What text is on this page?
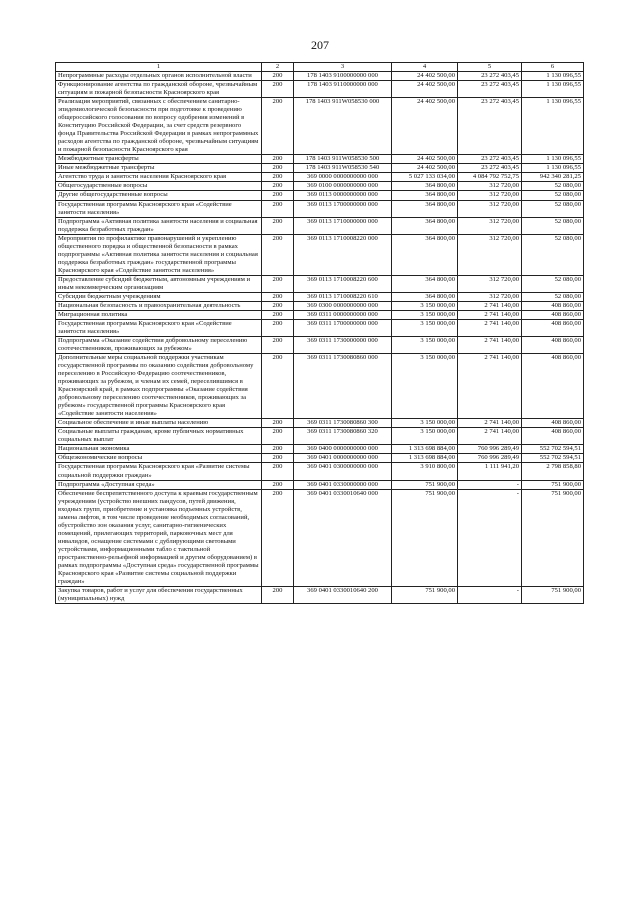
207
1	2	3	4	5	6
Непрограммные расходы отдельных органов исполнительной власти	200	178 1403 9100000000 000	24 402 500,00	23 272 403,45	1 130 096,55
Функционирование агентства по гражданской обороне, чрезвычайным ситуациям и пожарной безопасности Красноярского края	200	178 1403 9110000000 000	24 402 500,00	23 272 403,45	1 130 096,55
Реализация мероприятий, связанных с обеспечением санитарно-эпидемиологической безопасности при подготовке к проведению общероссийского голосования по вопросу одобрения изменений в Конституцию Российской Федерации, за счет средств резервного фонда Правительства Российской Федерации в рамках непрограммных расходов агентства по гражданской обороне, чрезвычайным ситуациям и пожарной безопасности Красноярского края	200	178 1403 911W058530 000	24 402 500,00	23 272 403,45	1 130 096,55
Межбюджетные трансферты	200	178 1403 911W058530 500	24 402 500,00	23 272 403,45	1 130 096,55
Иные межбюджетные трансферты	200	178 1403 911W058530 540	24 402 500,00	23 272 403,45	1 130 096,55
Агентство труда и занятости населения Красноярского края	200	369 0000 0000000000 000	5 027 133 034,00	4 084 792 752,75	942 340 281,25
Общегосударственные вопросы	200	369 0100 0000000000 000	364 800,00	312 720,00	52 080,00
Другие общегосударственные вопросы	200	369 0113 0000000000 000	364 800,00	312 720,00	52 080,00
Государственная программа Красноярского края «Содействие занятости населения»	200	369 0113 1700000000 000	364 800,00	312 720,00	52 080,00
Подпрограмма «Активная политика занятости населения и социальная поддержка безработных граждан»	200	369 0113 1710000000 000	364 800,00	312 720,00	52 080,00
Мероприятия по профилактике правонарушений и укреплению общественного порядка и общественной безопасности в рамках подпрограммы «Активная политика занятости населения и социальная поддержка безработных граждан» государственной программы Красноярского края «Содействие занятости населения»	200	369 0113 1710008220 000	364 800,00	312 720,00	52 080,00
Предоставление субсидий бюджетным, автономным учреждениям и иным некоммерческим организациям	200	369 0113 1710008220 600	364 800,00	312 720,00	52 080,00
Субсидии бюджетным учреждениям	200	369 0113 1710008220 610	364 800,00	312 720,00	52 080,00
Национальная безопасность и правоохранительная деятельность	200	369 0300 0000000000 000	3 150 000,00	2 741 140,00	408 860,00
Миграционная политика	200	369 0311 0000000000 000	3 150 000,00	2 741 140,00	408 860,00
Государственная программа Красноярского края «Содействие занятости населения»	200	369 0311 1700000000 000	3 150 000,00	2 741 140,00	408 860,00
Подпрограмма «Оказание содействия добровольному переселению соотечественников, проживающих за рубежом»	200	369 0311 1730000000 000	3 150 000,00	2 741 140,00	408 860,00
Дополнительные меры социальной поддержки участникам государственной программы по оказанию содействия добровольному переселению в Российскую Федерацию соотечественников, проживающих за рубежом, и членам их семей, переселившимся в Красноярский край, в рамках подпрограммы «Оказание содействия добровольному переселению соотечественников, проживающих за рубежом» государственной программы Красноярского края «Содействие занятости населения»	200	369 0311 1730080860 000	3 150 000,00	2 741 140,00	408 860,00
Социальное обеспечение и иные выплаты населению	200	369 0311 1730080860 300	3 150 000,00	2 741 140,00	408 860,00
Социальные выплаты гражданам, кроме публичных нормативных социальных выплат	200	369 0311 1730080860 320	3 150 000,00	2 741 140,00	408 860,00
Национальная экономика	200	369 0400 0000000000 000	1 313 698 884,00	760 996 289,49	552 702 594,51
Общеэкономические вопросы	200	369 0401 0000000000 000	1 313 698 884,00	760 996 289,49	552 702 594,51
Государственная программа Красноярского края «Развитие системы социальной поддержки граждан»	200	369 0401 0300000000 000	3 910 800,00	1 111 941,20	2 798 858,80
Подпрограмма «Доступная среда»	200	369 0401 0330000000 000	751 900,00	-	751 900,00
Обеспечение беспрепятственного доступа к краевым государственным учреждениям (устройство внешних пандусов, путей движения, входных групп, приобретение и установка подъемных устройств, замена лифтов, в том числе проведение необходимых согласований, обустройство зон оказания услуг, санитарно-гигиенических помещений, прилегающих территорий, парковочных мест для инвалидов, оснащение системами с дублирующими световыми устройствами, информационными табло с тактильной пространственно-рельефной информацией и другим оборудованием) в рамках подпрограммы «Доступная среда» государственной программы Красноярского края «Развитие системы социальной поддержки граждан»	200	369 0401 0330010640 000	751 900,00	-	751 900,00
Закупка товаров, работ и услуг для обеспечения государственных (муниципальных) нужд	200	369 0401 0330010640 200	751 900,00	-	751 900,00
